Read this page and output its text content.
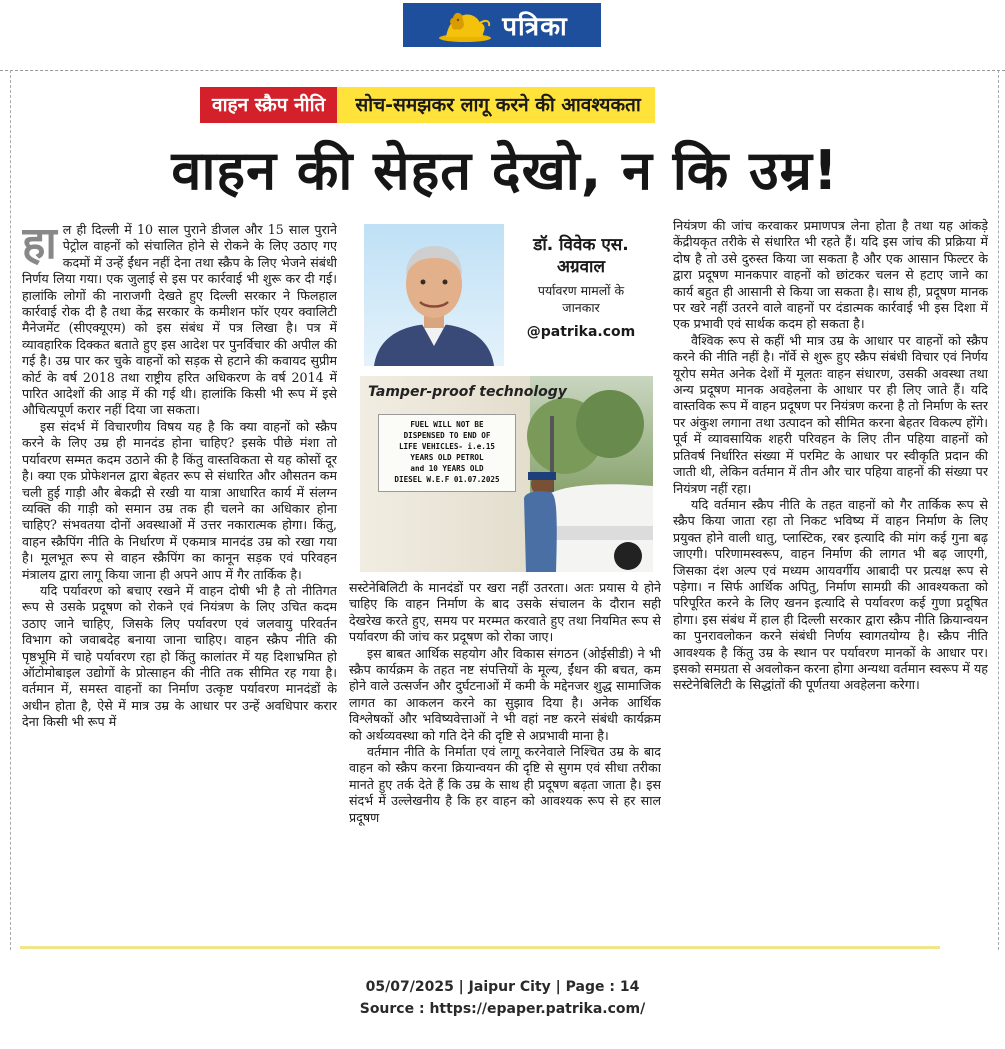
पत्रिका
वाहन स्क्रैप नीति	सोच-समझकर लागू करने की आवश्यकता
वाहन की सेहत देखो, न कि उम्र!

हाल ही दिल्ली में 10 साल पुराने डीजल और 15 साल पुराने पेट्रोल वाहनों को संचालित होने से रोकने के लिए उठाए गए कदमों में उन्हें ईंधन नहीं देना तथा स्क्रैप के लिए भेजने संबंधी निर्णय लिया गया। एक जुलाई से इस पर कार्रवाई भी शुरू कर दी गई। हालांकि लोगों की नाराजगी देखते हुए दिल्ली सरकार ने फिलहाल कार्रवाई रोक दी है तथा केंद्र सरकार के कमीशन फॉर एयर क्वालिटी मैनेजमेंट (सीएक्यूएम) को इस संबंध में पत्र लिखा है। पत्र में व्यावहारिक दिक्कत बताते हुए इस आदेश पर पुनर्विचार की अपील की गई है। उम्र पार कर चुके वाहनों को सड़क से हटाने की कवायद सुप्रीम कोर्ट के वर्ष 2018 तथा राष्ट्रीय हरित अधिकरण के वर्ष 2014 में पारित आदेशों की आड़ में की गई थी। हालांकि किसी भी रूप में इसे औचित्यपूर्ण करार नहीं दिया जा सकता।

इस संदर्भ में विचारणीय विषय यह है कि क्या वाहनों को स्क्रैप करने के लिए उम्र ही मानदंड होना चाहिए? इसके पीछे मंशा तो पर्यावरण सम्मत कदम उठाने की है किंतु वास्तविकता से यह कोसों दूर है। क्या एक प्रोफेशनल द्वारा बेहतर रूप से संधारित और औसतन कम चली हुई गाड़ी और बेकद्री से रखी या यात्रा आधारित कार्य में संलग्न व्यक्ति की गाड़ी को समान उम्र तक ही चलने का अधिकार होना चाहिए? संभवतया दोनों अवस्थाओं में उत्तर नकारात्मक होगा। किंतु, वाहन स्क्रैपिंग नीति के निर्धारण में एकमात्र मानदंड उम्र को रखा गया है। मूलभूत रूप से वाहन स्क्रैपिंग का कानून सड़क एवं परिवहन मंत्रालय द्वारा लागू किया जाना ही अपने आप में गैर तार्किक है।

यदि पर्यावरण को बचाए रखने में वाहन दोषी भी है तो नीतिगत रूप से उसके प्रदूषण को रोकने एवं नियंत्रण के लिए उचित कदम उठाए जाने चाहिए, जिसके लिए पर्यावरण एवं जलवायु परिवर्तन विभाग को जवाबदेह बनाया जाना चाहिए। वाहन स्क्रैप नीति की पृष्ठभूमि में चाहे पर्यावरण रहा हो किंतु कालांतर में यह दिशाभ्रमित हो ऑटोमोबाइल उद्योगों के प्रोत्साहन की नीति तक सीमित रह गया है। वर्तमान में, समस्त वाहनों का निर्माण उत्कृष्ट पर्यावरण मानदंडों के अधीन होता है, ऐसे में मात्र उम्र के आधार पर उन्हें अवधिपार करार देना किसी भी रूप में

डॉ. विवेक एस.
अग्रवाल
पर्यावरण मामलों के
जानकार
@patrika.com
Tamper-proof technology
FUEL WILL NOT BE
DISPENSED TO END OF
LIFE VEHICLES- i.e.15
YEARS OLD PETROL
and 10 YEARS OLD
DIESEL W.E.F 01.07.2025

सस्टेनेबिलिटी के मानदंडों पर खरा नहीं उतरता। अतः प्रयास ये होने चाहिए कि वाहन निर्माण के बाद उसके संचालन के दौरान सही देखरेख करते हुए, समय पर मरम्मत करवाते हुए तथा नियमित रूप से पर्यावरण की जांच कर प्रदूषण को रोका जाए।

इस बाबत आर्थिक सहयोग और विकास संगठन (ओईसीडी) ने भी स्क्रैप कार्यक्रम के तहत नष्ट संपत्तियों के मूल्य, ईंधन की बचत, कम होने वाले उत्सर्जन और दुर्घटनाओं में कमी के मद्देनजर शुद्ध सामाजिक लागत का आकलन करने का सुझाव दिया है। अनेक आर्थिक विश्लेषकों और भविष्यवेत्ताओं ने भी वहां नष्ट करने संबंधी कार्यक्रम को अर्थव्यवस्था को गति देने की दृष्टि से अप्रभावी माना है।

वर्तमान नीति के निर्माता एवं लागू करनेवाले निश्चित उम्र के बाद वाहन को स्क्रैप करना क्रियान्वयन की दृष्टि से सुगम एवं सीधा तरीका मानते हुए तर्क देते हैं कि उम्र के साथ ही प्रदूषण बढ़ता जाता है। इस संदर्भ में उल्लेखनीय है कि हर वाहन को आवश्यक रूप से हर साल प्रदूषण

नियंत्रण की जांच करवाकर प्रमाणपत्र लेना होता है तथा यह आंकड़े केंद्रीयकृत तरीके से संधारित भी रहते हैं। यदि इस जांच की प्रक्रिया में दोष है तो उसे दुरुस्त किया जा सकता है और एक आसान फिल्टर के द्वारा प्रदूषण मानकपार वाहनों को छांटकर चलन से हटाए जाने का कार्य बहुत ही आसानी से किया जा सकता है। साथ ही, प्रदूषण मानक पर खरे नहीं उतरने वाले वाहनों पर दंडात्मक कार्रवाई भी इस दिशा में एक प्रभावी एवं सार्थक कदम हो सकता है।

वैश्विक रूप से कहीं भी मात्र उम्र के आधार पर वाहनों को स्क्रैप करने की नीति नहीं है। नॉर्वे से शुरू हुए स्क्रैप संबंधी विचार एवं निर्णय यूरोप समेत अनेक देशों में मूलतः वाहन संधारण, उसकी अवस्था तथा अन्य प्रदूषण मानक अवहेलना के आधार पर ही लिए जाते हैं। यदि वास्तविक रूप में वाहन प्रदूषण पर नियंत्रण करना है तो निर्माण के स्तर पर अंकुश लगाना तथा उत्पादन को सीमित करना बेहतर विकल्प होंगे। पूर्व में व्यावसायिक शहरी परिवहन के लिए तीन पहिया वाहनों को प्रतिवर्ष निर्धारित संख्या में परमिट के आधार पर स्वीकृति प्रदान की जाती थी, लेकिन वर्तमान में तीन और चार पहिया वाहनों की संख्या पर नियंत्रण नहीं रहा।

यदि वर्तमान स्क्रैप नीति के तहत वाहनों को गैर तार्किक रूप से स्क्रैप किया जाता रहा तो निकट भविष्य में वाहन निर्माण के लिए प्रयुक्त होने वाली धातु, प्लास्टिक, रबर इत्यादि की मांग कई गुना बढ़ जाएगी। परिणामस्वरूप, वाहन निर्माण की लागत भी बढ़ जाएगी, जिसका दंश अल्प एवं मध्यम आयवर्गीय आबादी पर प्रत्यक्ष रूप से पड़ेगा। न सिर्फ आर्थिक अपितु, निर्माण सामग्री की आवश्यकता को परिपूरित करने के लिए खनन इत्यादि से पर्यावरण कई गुणा प्रदूषित होगा। इस संबंध में हाल ही दिल्ली सरकार द्वारा स्क्रैप नीति क्रियान्वयन का पुनरावलोकन करने संबंधी निर्णय स्वागतयोग्य है। स्क्रैप नीति आवश्यक है किंतु उम्र के स्थान पर पर्यावरण मानकों के आधार पर। इसको समग्रता से अवलोकन करना होगा अन्यथा वर्तमान स्वरूप में यह सस्टेनेबिलिटी के सिद्धांतों की पूर्णतया अवहेलना करेगा।

05/07/2025 | Jaipur City | Page : 14
Source : https://epaper.patrika.com/
